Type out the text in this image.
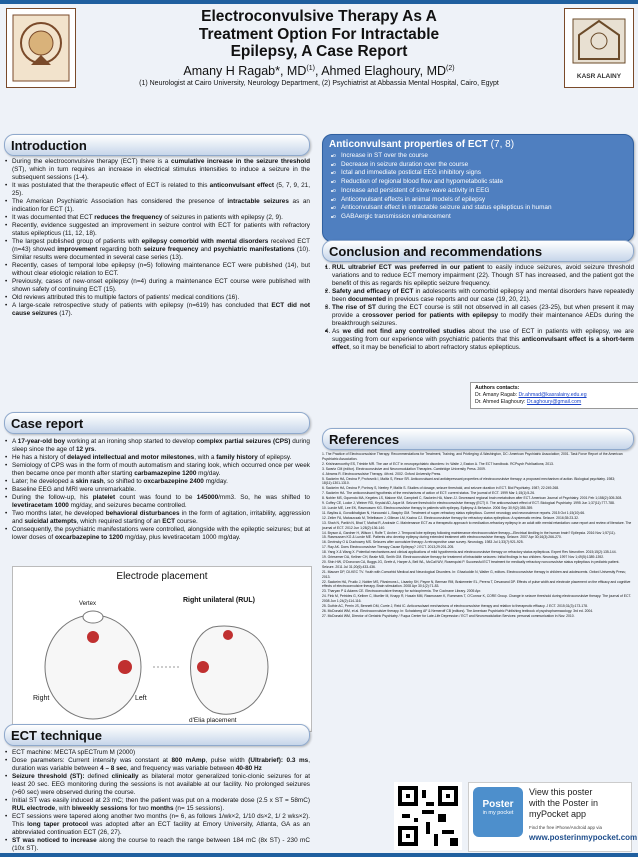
KASR ALAINY
Electroconvulsive Therapy As A
Treatment Option For Intractable
Epilepsy, A Case Report
Amany H Ragab*, MD$^{(1)}$, Ahmed Elaghoury, MD$^{(2)}$
(1) Neurologist at Cairo University, Neurology Department, (2) Psychiatrist at Abbassia Mental Hospital, Cairo, Egypt
Introduction
• During the electroconvulsive therapy (ECT) there is a cumulative increase in the seizure threshold (ST), which in turn requires an increase in electrical stimulus intensities to induce a seizure in the subsequent sessions (1-4).
• It was postulated that the therapeutic effect of ECT is related to this anticonvulsant effect (5, 7, 9, 21, 25).
• The American Psychiatric Association has considered the presence of intractable seizures as an indication for ECT (1).
• It was documented that ECT reduces the frequency of seizures in patients with epilepsy (2, 9).
• Recently, evidence suggested an improvement in seizure control with ECT for patients with refractory status epilepticus (11, 12, 18).
• The largest published group of patients with epilepsy comorbid with mental disorders received ECT (n=43) showed improvement regarding both seizure frequency and psychiatric manifestations (10). Similar results were documented in several case series (13).
• Recently, cases of temporal lobe epilepsy (n=5) following maintenance ECT were published (14), but without clear etiologic relation to ECT.
• Previously, cases of new-onset epilepsy (n=4) during a maintenance ECT course were published with shown safety of continuing ECT (15).
• Old reviews attributed this to multiple factors of patients' medical conditions (16).
• A large-scale retrospective study of patients with epilepsy (n=619) has concluded that ECT did not cause seizures (17).
Anticonvulsant properties of ECT (7, 8)
o • Increase in ST over the course
o • Decrease in seizure duration over the course
o • Ictal and immediate postictal EEG inhibitory signs
o • Reduction of regional blood flow and hypometabolic state
o • Increase and persistent of slow-wave activity in EEG
o • Anticonvulsant effects in animal models of epilepsy
o • Anticonvulsant effect in intractable seizure and status epilepticus in human
o • GABAergic transmission enhancement
Conclusion and recommendations
• 1. RUL ultrabrief ECT was preferred in our patient to easily induce seizures, avoid seizure threshold variations and to reduce ECT memory impairment (22). Though ST has increased, and the patient got the benefit of this as regards his epileptic seizure frequency.
• 2. Safety and efficacy of ECT in adolescents with comorbid epilepsy and mental disorders have repeatedly been documented in previous case reports and our case (19, 20, 21).
• 3. The rise of ST during the ECT course is still not observed in all cases (23-25), but when present it may provide a crossover period for patients with epilepsy to modify their maintenance AEDs during the breakthrough seizures.
• 4. As we did not find any controlled studies about the use of ECT in patients with epilepsy, we are suggesting from our experience with psychiatric patients that this anticonvulsant effect is a short-term effect, so it may be beneficial to abort refractory status epilepticus.
Authors contacts:
Dr. Amany Ragab: Dr.ahmad@kasralainy.edu.eg
Dr. Ahmed Elaghoury: Dr.aghoury@gmail.com
Case report
• A 17-year-old boy working at an ironing shop started to develop complex partial seizures (CPS) during sleep since the age of 12 yrs.
• He has a history of delayed intellectual and motor milestones, with a family history of epilepsy.
• Semiology of CPS was in the form of mouth automatism and staring look, which occurred once per week then became once per month after starting carbamazepine 1200 mg/day.
• Later; he developed a skin rash, so shifted to oxcarbazepine 2400 mg/day.
• Baseline EEG and MRI were unremarkable.
• During the follow-up, his platelet count was found to be 145000/mm3. So, he was shifted to levetiracetam 1000 mg/day, and seizures became controlled.
• Two months later, he developed behavioral disturbances in the form of agitation, irritability, aggression and suicidal attempts, which required starting of an ECT course.
• Consequently, the psychiatric manifestations were controlled, alongside with the epileptic seizures; but at lower doses of oxcarbazepine to 1200 mg/day, plus levetiracetam 1000 mg/day.
Electrode placement
Right	Left
Vertex	Right unilateral (RUL)
d'Elia placement
ECT technique
• ECT machine: MECTA spECTrum M (2000)
• Dose parameters: Current intensity was constant at 800 mAmp, pulse width (Ultrabrief): 0.3 ms, duration was variable between 4 – 8 sec, and frequency was variable between 40-80 Hz
• Seizure threshold (ST): defined clinically as bilateral motor generalized tonic-clonic seizures for at least 20 sec. EEG monitoring during the sessions is not available at our facility. No prolonged seizures (>60 sec) were observed during the course.
• Initial ST was easily induced at 23 mC; then the patient was put on a moderate dose (2.5 x ST = 58mC) RUL electrode, with biweekly sessions for two months (n= 15 sessions).
• ECT sessions were tapered along another two months (n= 6, as follows 1/wk×2, 1/10 ds×2, 1/ 2 wks×2). This long taper protocol was adopted after an ECT facility at Emory University, Atlanta, GA as an abbreviated continuation ECT (26, 27).
• ST was noticed to increase along the course to reach the range between 184 mC (8x ST) - 230 mC (10x ST).
References
1. The Practice of Electroconvulsive Therapy: Recommendations for Treatment, Training, and Privileging: A Washington, DC: American Psychiatric Association; 2001. Task Force Report of the American Psychiatric Association.
2. Krishnamoorthy ES, Trimble MR. The use of ECT in neuropsychiatric disorders: In: Waite J, Easton A. The ECT handbook. RCPsych Publications; 2013.
3. Swartz CM (editor). Electroconvulsive and Neuromodulation Therapies. Cambridge University Press. 2009.
4. Abrams R. Electroconvulsive Therapy. 4th ed. 2002. Oxford University Press.
5. Sackeim HA, Decina P, Prohovnik I, Malitz S, Resor SR. Anticonvulsant and antidepressant properties of electroconvulsive therapy: a proposed mechanism of action. Biological psychiatry. 1983; 18(11):1301-1310.
6. Sackeim HA, Decina P, Portnoy S, Neeley P, Malitz S. Studies of dosage, seizure threshold, and seizure duration in ECT. Biol Psychiatry. 1987; 22:249-268.
7. Sackeim HA. The anticonvulsant hypothesis of the mechanisms of action of ECT: current status. The journal of ECT. 1999 Mar 1;15(1):5-26.
8. Nobler MS, Oquendo MA, Kegeles LS, Malone KM, Campbell C, Sackeim HA, Mann JJ. Decreased regional brain metabolism after ECT. American Journal of Psychiatry. 2001 Feb 1;158(2):305-308.
9. Coffey CE, Lucke J, Weiner RD, Krystal AD, Aque M. Seizure threshold in electroconvulsive therapy (ECT) II. The anticonvulsant effect of ECT. Biological Psychiatry. 1995 Jun 1;37(11):777-788.
10. Lunde ME, Lee EK, Rasmussen KG. Electroconvulsive therapy in patients with epilepsy. Epilepsy & Behavior. 2006 Sep 30;9(2):355-359.
11. Bayliss A, Gorodkhaligian N, Hurcowski L, Basphy GM. Treatment of super-refractory status epilepticus. Current neurology and neuroscience reports. 2015 Oct 1;15(10):66.
12. Zeiler FA, Matuszczak M, Teitelbaum J, Gillman LM, Kazina CJ. Electroconvulsive therapy for refractory status epilepticus: A systematic review. Seizure. 2016;35:23-32.
13. Shah N, Parikh N, Bhat T, Mathai R, Andrade C. Maintenance ECT as a therapeutic approach to medication-refractory epilepsy in an adult with mental retardation: case report and review of literature. The journal of ECT. 2012 Jun 1;28(2):136-140.
14. Bryson A, Gardner H, Wilson I, Rolfe T, Archer J. Temporal lobe epilepsy following maintenance electroconvulsive therapy—Electrical kindling in the human brain? Epilepsia. 2016 Nov 1;57(11).
15. Rasmussen KG & Lunde ME. Patients who develop epilepsy during extended treatment with electroconvulsive therapy. Seizure. 2007 Apr 30;16(3):266-270.
16. Devinsky O & Duchowny MS. Seizures after convulsive therapy: A retrospective case survey. Neurology. 1983 Jul 1;33(7):921-925.
17. Ray AK. Does Electroconvulsive Therapy Cause Epilepsy? J ECT. 2013;29:201-205.
18. Yang X & Wang X. Potential mechanisms and clinical applications of mild hypothermia and electroconvulsive therapy on refractory status epilepticus. Expert Rev Neurother. 2015;15(2):135-144.
19. Griesemer DA, Kellner CH, Beale MD, Smith GM. Electroconvulsive therapy for treatment of intractable seizures: Initial findings in two children. Neurology. 1997 Nov 1;49(5):1389-1392.
20. Shin HW, O'Donovan CA, Boggs JG, Grefe A, Harper A, Bell WL, McCall WV, Rosenquist P. Successful ECT treatment for medically refractory nonconvulsive status epilepticus in pediatric patient. Seizure. 2011 Jul 31;20(6):433-436.
21. Mauser DP, Cil-KEC TV. Youth with Comorbid Medical and Neurological Disorders. In: Ghaziuddin N, Walter G, editors. Electroconvulsive therapy in children and adolescents. Oxford University Press; 2013.
22. Sackeim HA, Prudic J, Nobler MS, Fitzsimons L, Lisanby SH, Payne N, Berman RM, Brakemeier EL, Perera T, Devanand DP. Effects of pulse width and electrode placement on the efficacy and cognitive effects of electroconvulsive therapy. Brain stimulation. 2008 Apr 30;1(2):71-83.
23. Tharyan P & Adams CE. Electroconvulsive therapy for schizophrenia. The Cochrane Library. 2005 Apr.
24. Fink M, Petrides G, Kellner C, Mueller M, Knapp R, Husain MM, Rasmussen K, Rummans T, O'Connor K, CORE Group. Change in seizure threshold during electroconvulsive therapy. The journal of ECT. 2008 Jun 1;24(2):114-116.
25. Duthie AC, Perrin JS, Bennett DM, Currie J, Reid IC. Anticonvulsant mechanisms of electroconvulsive therapy and relation to therapeutic efficacy. J ECT. 2015;31(3):173-178.
26. McDonald WM, et al. Electroconvulsive therapy. In: Schatzberg AF & Nemeroff CB (editors). The American Psychiatric Publishing textbook of psychopharmacology. 3rd ed. 2004.
27. McDonald WM, Director of Geriatric Psychiatry / Fuqua Center for Late-Life Depression / ECT and Neuromodulation Services: personal communication in Nov. 2010.
Poster
in my pocket
View this poster
with the Poster in
myPocket app
Find the free iPhone/Android app via
www.posterinmypocket.com
